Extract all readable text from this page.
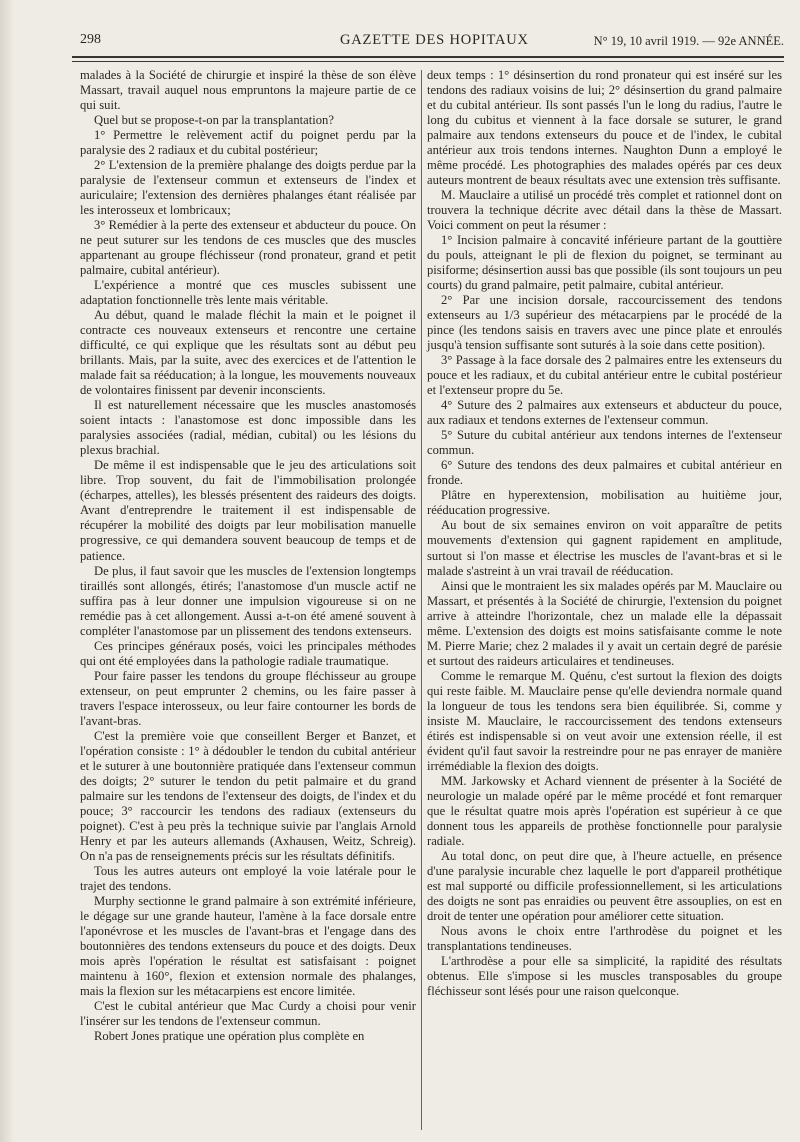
298	GAZETTE DES HOPITAUX	N° 19, 10 avril 1919. — 92e ANNÉE.

malades à la Société de chirurgie et inspiré la thèse de son élève Massart, travail auquel nous empruntons la majeure partie de ce qui suit.

Quel but se propose-t-on par la transplantation?

1° Permettre le relèvement actif du poignet perdu par la paralysie des 2 radiaux et du cubital postérieur;

2° L'extension de la première phalange des doigts perdue par la paralysie de l'extenseur commun et extenseurs de l'index et auriculaire; l'extension des dernières phalanges étant réalisée par les interosseux et lombricaux;

3° Remédier à la perte des extenseur et abducteur du pouce. On ne peut suturer sur les tendons de ces muscles que des muscles appartenant au groupe fléchisseur (rond pronateur, grand et petit palmaire, cubital antérieur).

L'expérience a montré que ces muscles subissent une adaptation fonctionnelle très lente mais véritable.

Au début, quand le malade fléchit la main et le poignet il contracte ces nouveaux extenseurs et rencontre une certaine difficulté, ce qui explique que les résultats sont au début peu brillants. Mais, par la suite, avec des exercices et de l'attention le malade fait sa rééducation; à la longue, les mouvements nouveaux de volontaires finissent par devenir inconscients.

Il est naturellement nécessaire que les muscles anastomosés soient intacts : l'anastomose est donc impossible dans les paralysies associées (radial, médian, cubital) ou les lésions du plexus brachial.

De même il est indispensable que le jeu des articulations soit libre. Trop souvent, du fait de l'immobilisation prolongée (écharpes, attelles), les blessés présentent des raideurs des doigts. Avant d'entreprendre le traitement il est indispensable de récupérer la mobilité des doigts par leur mobilisation manuelle progressive, ce qui demandera souvent beaucoup de temps et de patience.

De plus, il faut savoir que les muscles de l'extension longtemps tiraillés sont allongés, étirés; l'anastomose d'un muscle actif ne suffira pas à leur donner une impulsion vigoureuse si on ne remédie pas à cet allongement. Aussi a-t-on été amené souvent à compléter l'anastomose par un plissement des tendons extenseurs.

Ces principes généraux posés, voici les principales méthodes qui ont été employées dans la pathologie radiale traumatique.

Pour faire passer les tendons du groupe fléchisseur au groupe extenseur, on peut emprunter 2 chemins, ou les faire passer à travers l'espace interosseux, ou leur faire contourner les bords de l'avant-bras.

C'est la première voie que conseillent Berger et Banzet, et l'opération consiste : 1° à dédoubler le tendon du cubital antérieur et le suturer à une boutonnière pratiquée dans l'extenseur commun des doigts; 2° suturer le tendon du petit palmaire et du grand palmaire sur les tendons de l'extenseur des doigts, de l'index et du pouce; 3° raccourcir les tendons des radiaux (extenseurs du poignet). C'est à peu près la technique suivie par l'anglais Arnold Henry et par les auteurs allemands (Axhausen, Weitz, Schreig). On n'a pas de renseignements précis sur les résultats définitifs.

Tous les autres auteurs ont employé la voie latérale pour le trajet des tendons.

Murphy sectionne le grand palmaire à son extrémité inférieure, le dégage sur une grande hauteur, l'amène à la face dorsale entre l'aponévrose et les muscles de l'avant-bras et l'engage dans des boutonnières des tendons extenseurs du pouce et des doigts. Deux mois après l'opération le résultat est satisfaisant : poignet maintenu à 160°, flexion et extension normale des phalanges, mais la flexion sur les métacarpiens est encore limitée.

C'est le cubital antérieur que Mac Curdy a choisi pour venir l'insérer sur les tendons de l'extenseur commun.

Robert Jones pratique une opération plus complète en

deux temps : 1° désinsertion du rond pronateur qui est inséré sur les tendons des radiaux voisins de lui; 2° désinsertion du grand palmaire et du cubital antérieur. Ils sont passés l'un le long du radius, l'autre le long du cubitus et viennent à la face dorsale se suturer, le grand palmaire aux tendons extenseurs du pouce et de l'index, le cubital antérieur aux trois tendons internes. Naughton Dunn a employé le même procédé. Les photographies des malades opérés par ces deux auteurs montrent de beaux résultats avec une extension très suffisante.

M. Mauclaire a utilisé un procédé très complet et rationnel dont on trouvera la technique décrite avec détail dans la thèse de Massart. Voici comment on peut la résumer :

1° Incision palmaire à concavité inférieure partant de la gouttière du pouls, atteignant le pli de flexion du poignet, se terminant au pisiforme; désinsertion aussi bas que possible (ils sont toujours un peu courts) du grand palmaire, petit palmaire, cubital antérieur.

2° Par une incision dorsale, raccourcissement des tendons extenseurs au 1/3 supérieur des métacarpiens par le procédé de la pince (les tendons saisis en travers avec une pince plate et enroulés jusqu'à tension suffisante sont suturés à la soie dans cette position).

3° Passage à la face dorsale des 2 palmaires entre les extenseurs du pouce et les radiaux, et du cubital antérieur entre le cubital postérieur et l'extenseur propre du 5e.

4° Suture des 2 palmaires aux extenseurs et abducteur du pouce, aux radiaux et tendons externes de l'extenseur commun.

5° Suture du cubital antérieur aux tendons internes de l'extenseur commun.

6° Suture des tendons des deux palmaires et cubital antérieur en fronde.

Plâtre en hyperextension, mobilisation au huitième jour, rééducation progressive.

Au bout de six semaines environ on voit apparaître de petits mouvements d'extension qui gagnent rapidement en amplitude, surtout si l'on masse et électrise les muscles de l'avant-bras et si le malade s'astreint à un vrai travail de rééducation.

Ainsi que le montraient les six malades opérés par M. Mauclaire ou Massart, et présentés à la Société de chirurgie, l'extension du poignet arrive à atteindre l'horizontale, chez un malade elle la dépassait même. L'extension des doigts est moins satisfaisante comme le note M. Pierre Marie; chez 2 malades il y avait un certain degré de parésie et surtout des raideurs articulaires et tendineuses.

Comme le remarque M. Quénu, c'est surtout la flexion des doigts qui reste faible. M. Mauclaire pense qu'elle deviendra normale quand la longueur de tous les tendons sera bien équilibrée. Si, comme y insiste M. Mauclaire, le raccourcissement des tendons extenseurs étirés est indispensable si on veut avoir une extension réelle, il est évident qu'il faut savoir la restreindre pour ne pas enrayer de manière irrémédiable la flexion des doigts.

MM. Jarkowsky et Achard viennent de présenter à la Société de neurologie un malade opéré par le même procédé et font remarquer que le résultat quatre mois après l'opération est supérieur à ce que donnent tous les appareils de prothèse fonctionnelle pour paralysie radiale.

Au total donc, on peut dire que, à l'heure actuelle, en présence d'une paralysie incurable chez laquelle le port d'appareil prothétique est mal supporté ou difficile professionnellement, si les articulations des doigts ne sont pas enraidies ou peuvent être assouplies, on est en droit de tenter une opération pour améliorer cette situation.

Nous avons le choix entre l'arthrodèse du poignet et les transplantations tendineuses.

L'arthrodèse a pour elle sa simplicité, la rapidité des résultats obtenus. Elle s'impose si les muscles transposables du groupe fléchisseur sont lésés pour une raison quelconque.
